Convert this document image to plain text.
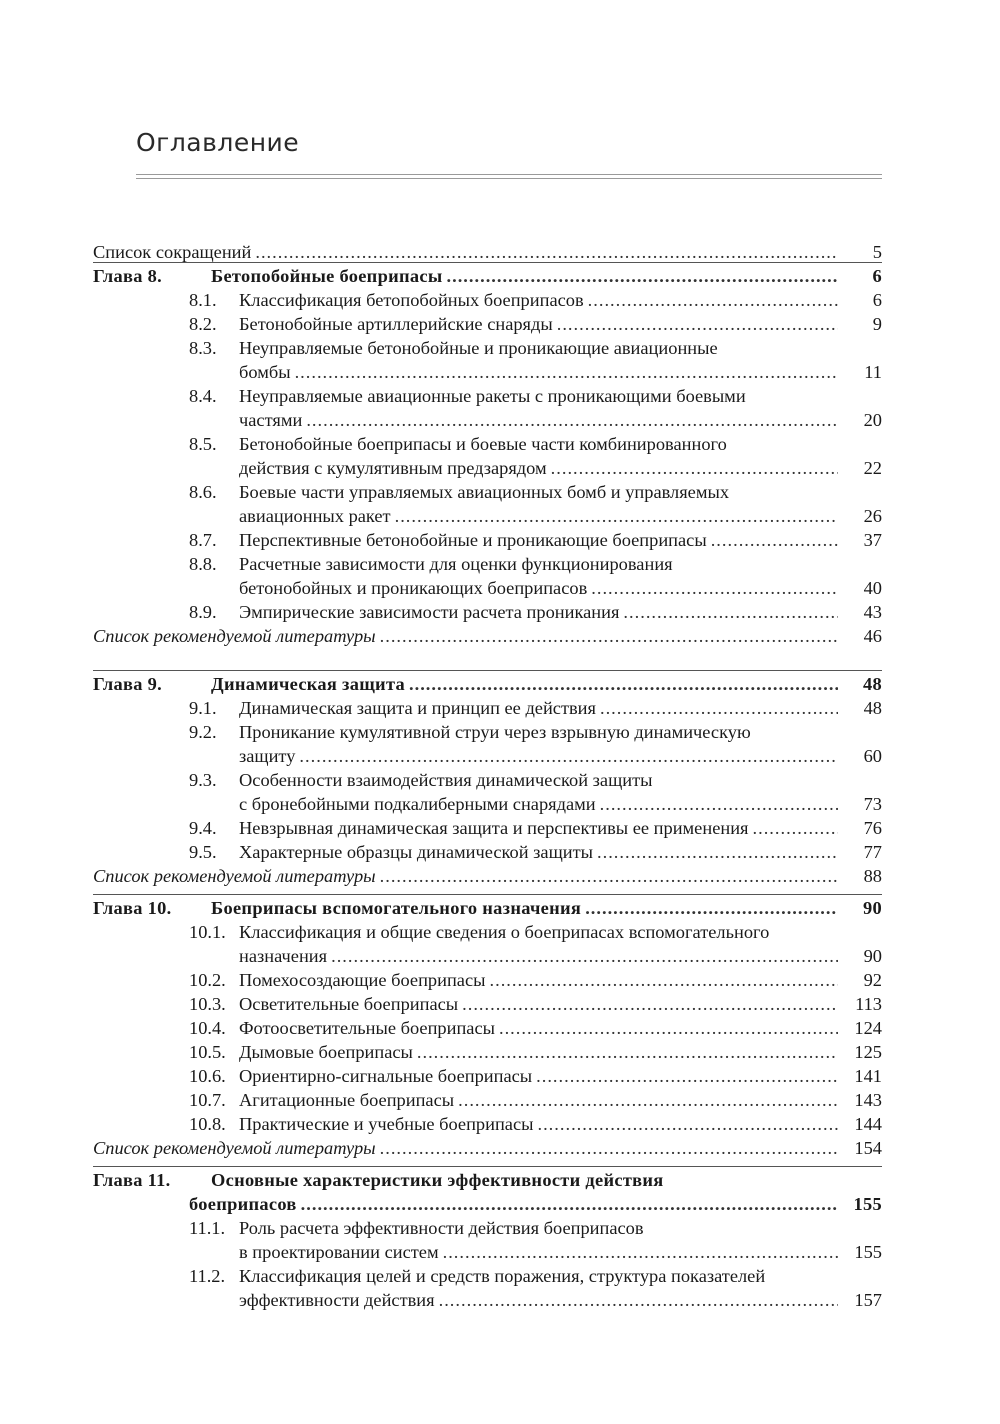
Оглавление
Список сокращений .....	5
Глава 8.	Бетопобойные боеприпасы .....	6
8.1. Классификация бетопобойных боеприпасов .....	6
8.2. Бетонобойные артиллерийские снаряды .....	9
8.3. Неуправляемые бетонобойные и проникающие авиационные
бомбы .....	11
8.4. Неуправляемые авиационные ракеты с проникающими боевыми
частями .....	20
8.5. Бетонобойные боеприпасы и боевые части комбинированного
действия с кумулятивным предзарядом .....	22
8.6. Боевые части управляемых авиационных бомб и управляемых
авиационных ракет .....	26
8.7. Перспективные бетонобойные и проникающие боеприпасы .....	37
8.8. Расчетные зависимости для оценки функционирования
бетонобойных и проникающих боеприпасов .....	40
8.9. Эмпирические зависимости расчета проникания .....	43
Список рекомендуемой литературы .....	46
Глава 9.	Динамическая защита .....	48
9.1. Динамическая защита и принцип ее действия .....	48
9.2. Проникание кумулятивной струи через взрывную динамическую
защиту .....	60
9.3. Особенности взаимодействия динамической защиты
с бронебойными подкалиберными снарядами .....	73
9.4. Невзрывная динамическая защита и перспективы ее применения .....	76
9.5. Характерные образцы динамической защиты .....	77
Список рекомендуемой литературы .....	88
Глава 10. Боеприпасы вспомогательного назначения .....	90
10.1. Классификация и общие сведения о боеприпасах вспомогательного
назначения .....	90
10.2. Помехосоздающие боеприпасы .....	92
10.3. Осветительные боеприпасы .....	113
10.4. Фотоосветительные боеприпасы .....	124
10.5. Дымовые боеприпасы .....	125
10.6. Ориентирно-сигнальные боеприпасы .....	141
10.7. Агитационные боеприпасы .....	143
10.8. Практические и учебные боеприпасы .....	144
Список рекомендуемой литературы .....	154
Глава 11. Основные характеристики эффективности действия
боеприпасов .....	155
11.1. Роль расчета эффективности действия боеприпасов
в проектировании систем .....	155
11.2. Классификация целей и средств поражения, структура показателей
эффективности действия .....	157
